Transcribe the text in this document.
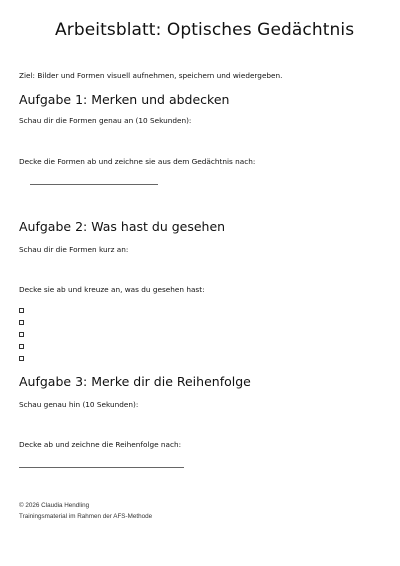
Arbeitsblatt: Optisches Gedächtnis
Ziel: Bilder und Formen visuell aufnehmen, speichern und wiedergeben.
Aufgabe 1: Merken und abdecken
Schau dir die Formen genau an (10 Sekunden):
Decke die Formen ab und zeichne sie aus dem Gedächtnis nach:
Aufgabe 2: Was hast du gesehen
Schau dir die Formen kurz an:
Decke sie ab und kreuze an, was du gesehen hast:
Aufgabe 3: Merke dir die Reihenfolge
Schau genau hin (10 Sekunden):
Decke ab und zeichne die Reihenfolge nach:
© 2026 Claudia Hendling
Trainingsmaterial im Rahmen der AFS-Methode
